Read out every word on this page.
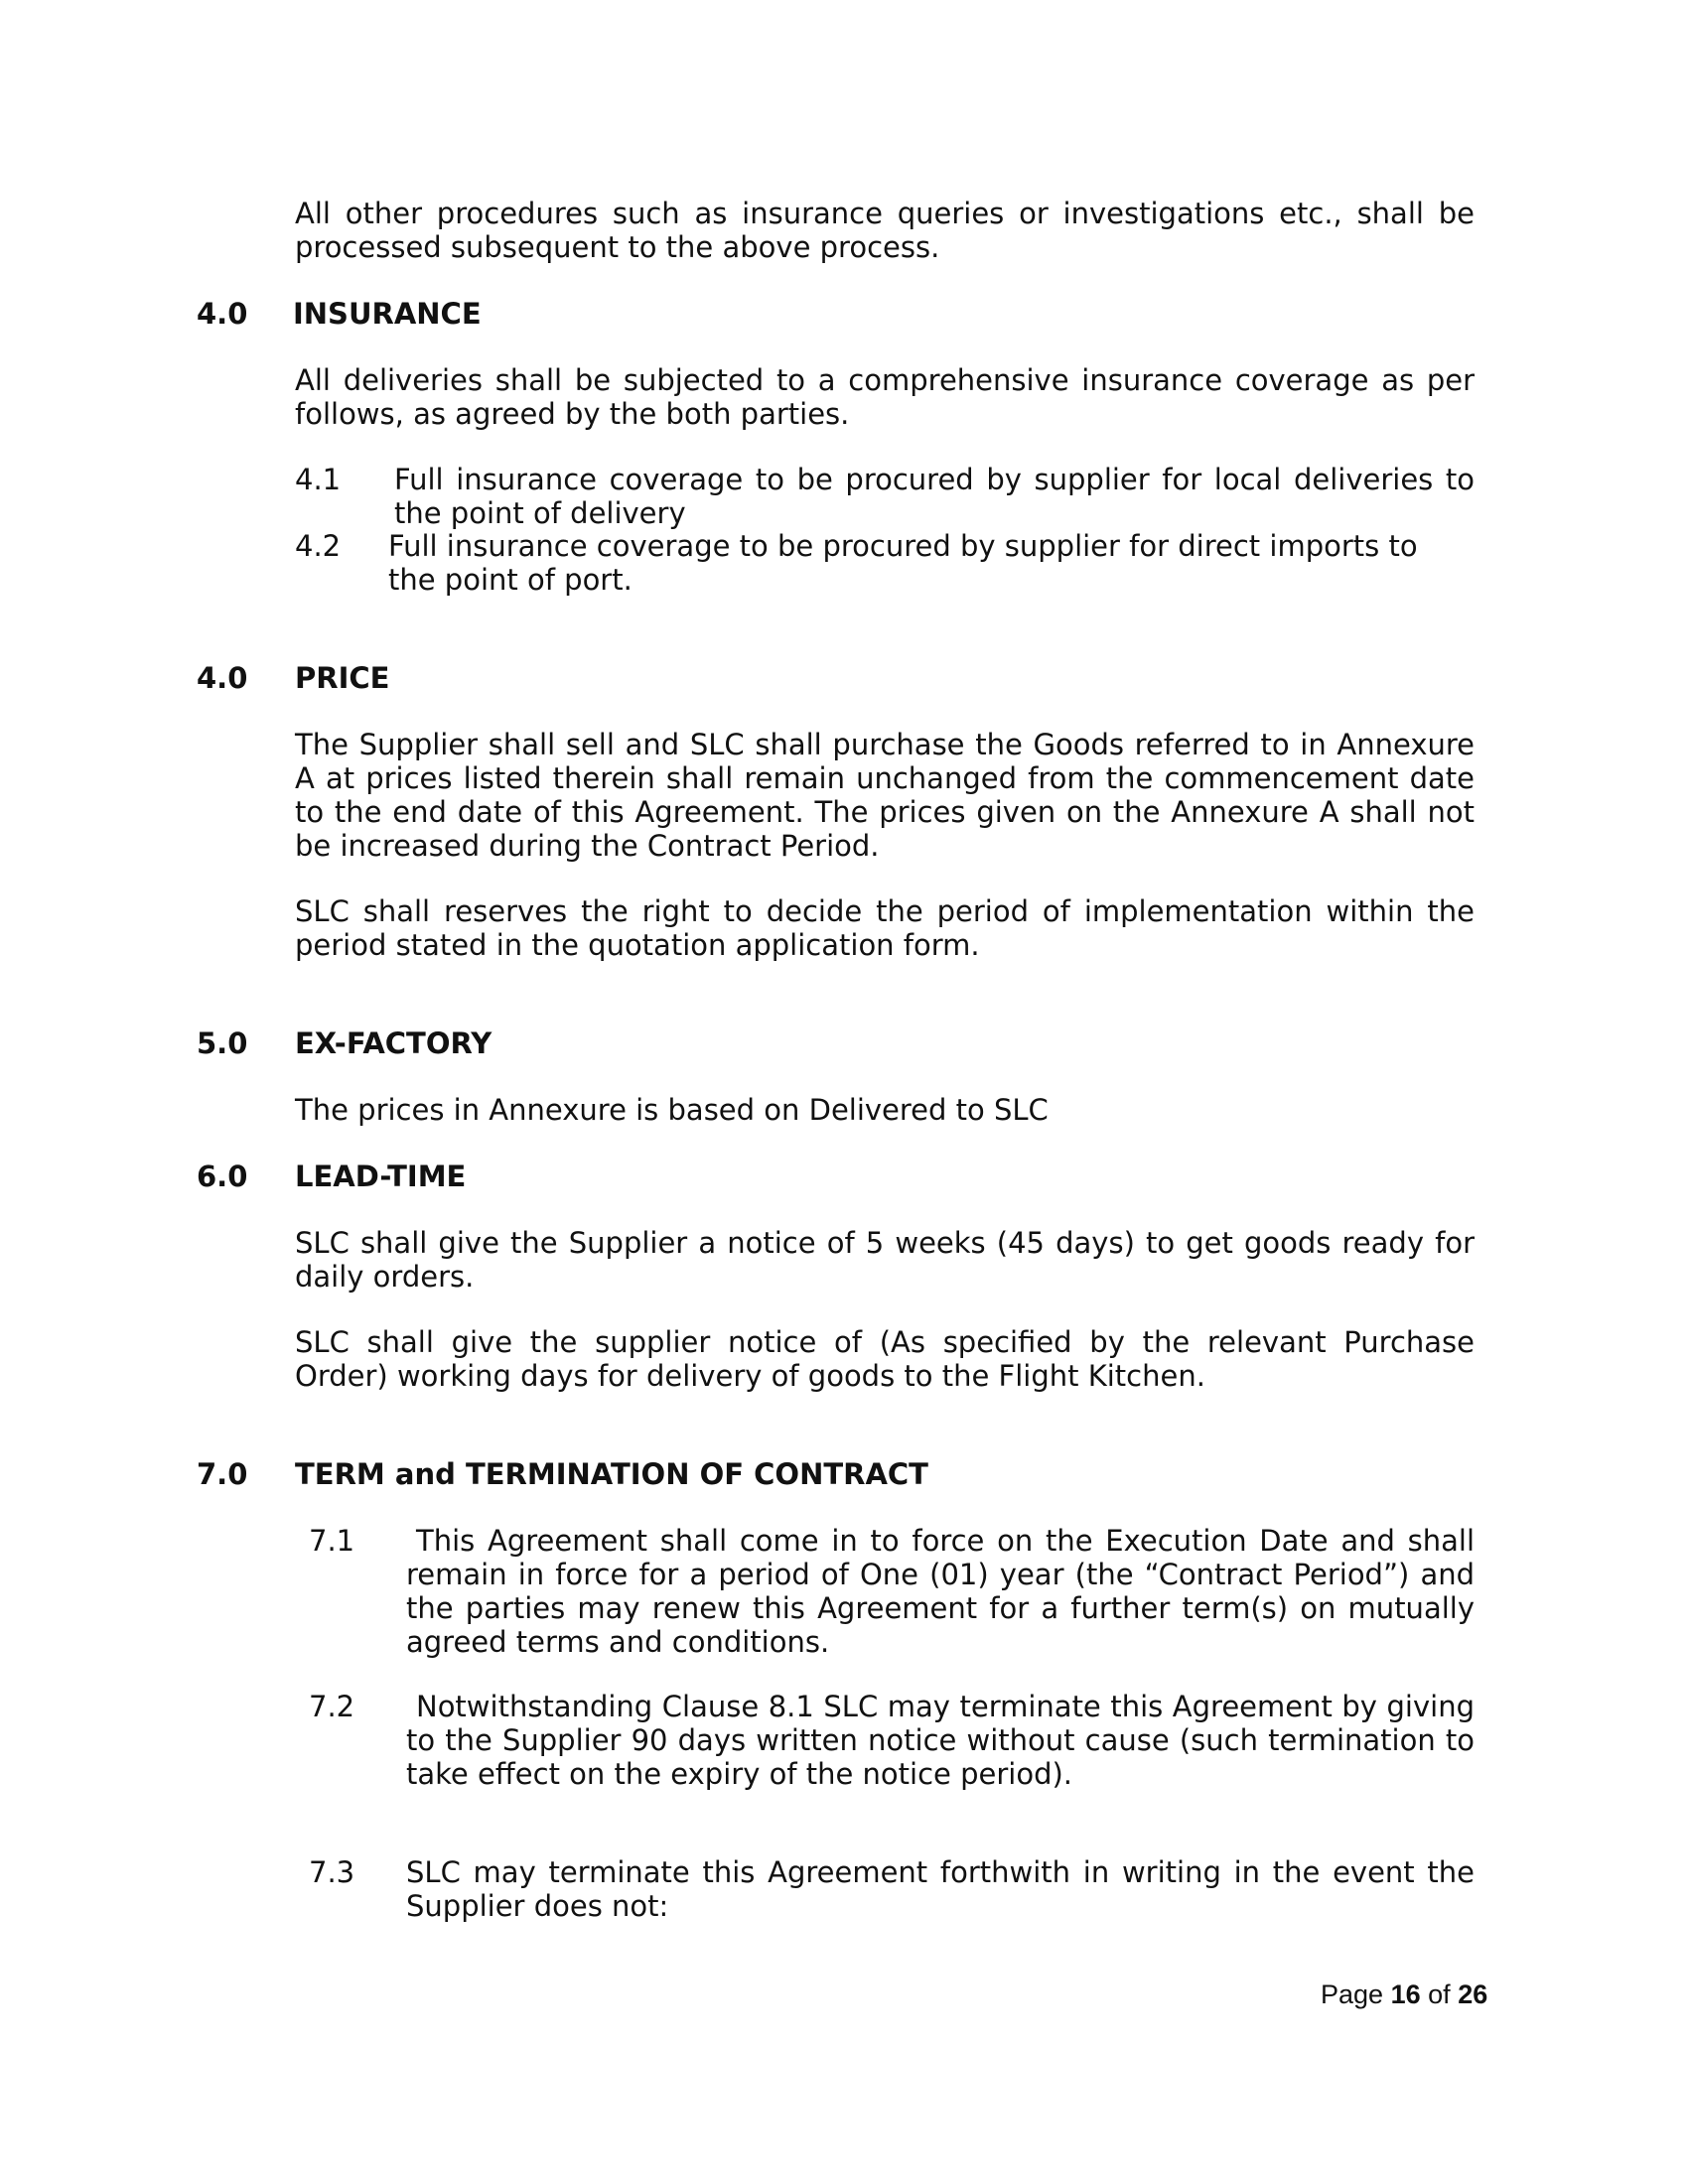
All other procedures such as insurance queries or investigations etc., shall be processed subsequent to the above process.

4.0 INSURANCE

All deliveries shall be subjected to a comprehensive insurance coverage as per follows, as agreed by the both parties.

4.1 Full insurance coverage to be procured by supplier for local deliveries to the point of delivery
4.2 Full insurance coverage to be procured by supplier for direct imports to
the point of port.
4.0 PRICE

The Supplier shall sell and SLC shall purchase the Goods referred to in Annexure A at prices listed therein shall remain unchanged from the commencement date to the end date of this Agreement. The prices given on the Annexure A shall not be increased during the Contract Period.

SLC shall reserves the right to decide the period of implementation within the period stated in the quotation application form.

5.0 EX-FACTORY

The prices in Annexure is based on Delivered to SLC

6.0 LEAD-TIME

SLC shall give the Supplier a notice of 5 weeks (45 days) to get goods ready for daily orders.

SLC shall give the supplier notice of (As specified by the relevant Purchase Order) working days for delivery of goods to the Flight Kitchen.

7.0 TERM and TERMINATION OF CONTRACT
7.1	This Agreement shall come in to force on the Execution Date and shall remain in force for a period of One (01) year (the “Contract Period”) and the parties may renew this Agreement for a further term(s) on mutually agreed terms and conditions.
7.2	Notwithstanding Clause 8.1 SLC may terminate this Agreement by giving to the Supplier 90 days written notice without cause (such termination to take effect on the expiry of the notice period).
7.3 SLC may terminate this Agreement forthwith in writing in the event the Supplier does not:
Page 16 of 26
